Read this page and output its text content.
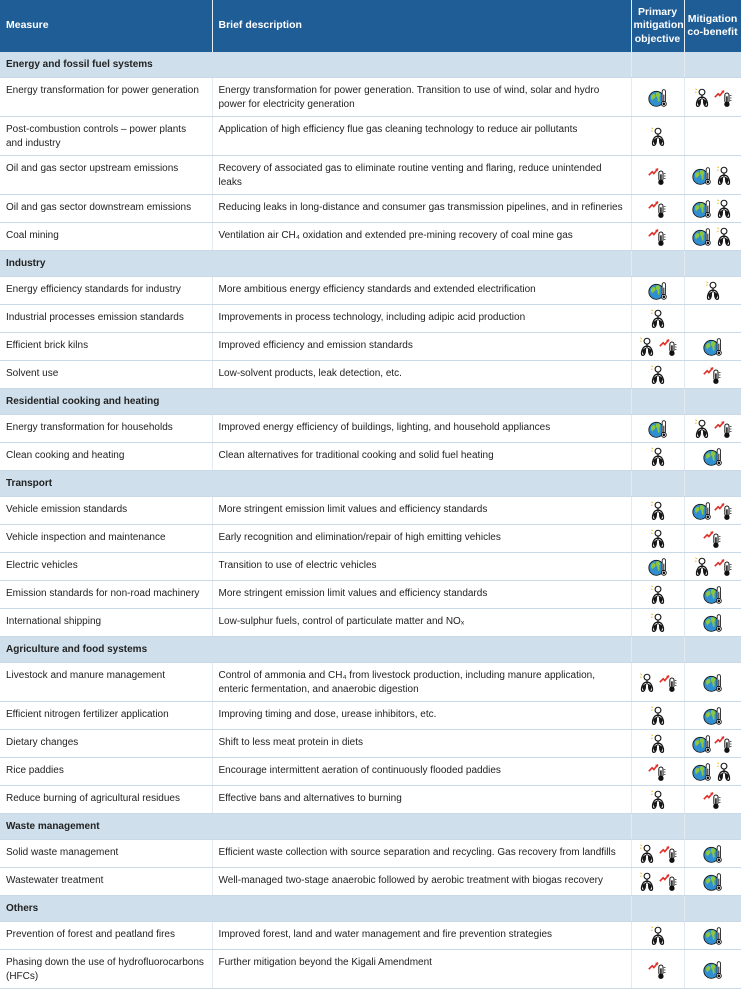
Measure	Brief description	Primary mitigation objective	Mitigation co-benefit
Energy and fossil fuel systems			
Energy transformation for power generation	Energy transformation for power generation. Transition to use of wind, solar and hydro power for electricity generation	

Post-combustion controls – power plants and industry	Application of high efficiency flue gas cleaning technology to reduce air pollutants	

Oil and gas sector upstream emissions	Recovery of associated gas to eliminate routine venting and flaring, reduce unintended leaks	

Oil and gas sector downstream emissions	Reducing leaks in long-distance and consumer gas transmission pipelines, and in refineries	

Coal mining	Ventilation air CH₄ oxidation and extended pre-mining recovery of coal mine gas	

Industry			
Energy efficiency standards for industry	More ambitious energy efficiency standards and extended electrification	

Industrial processes emission standards	Improvements in process technology, including adipic acid production	

Efficient brick kilns	Improved efficiency and emission standards	

Solvent use	Low-solvent products, leak detection, etc.	

Residential cooking and heating			
Energy transformation for households	Improved energy efficiency of buildings, lighting, and household appliances	

Clean cooking and heating	Clean alternatives for traditional cooking and solid fuel heating	

Transport			
Vehicle emission standards	More stringent emission limit values and efficiency standards	

Vehicle inspection and maintenance	Early recognition and elimination/repair of high emitting vehicles	

Electric vehicles	Transition to use of electric vehicles	

Emission standards for non-road machinery	More stringent emission limit values and efficiency standards	

International shipping	Low-sulphur fuels, control of particulate matter and NOₓ	

Agriculture and food systems			
Livestock and manure management	Control of ammonia and CH₄ from livestock production, including manure application, enteric fermentation, and anaerobic digestion	

Efficient nitrogen fertilizer application	Improving timing and dose, urease inhibitors, etc.	

Dietary changes	Shift to less meat protein in diets	

Rice paddies	Encourage intermittent aeration of continuously flooded paddies	

Reduce burning of agricultural residues	Effective bans and alternatives to burning	

Waste management			
Solid waste management	Efficient waste collection with source separation and recycling. Gas recovery from landfills	

Wastewater treatment	Well-managed two-stage anaerobic followed by aerobic treatment with biogas recovery	

Others			
Prevention of forest and peatland fires	Improved forest, land and water management and fire prevention strategies	

Phasing down the use of hydrofluorocarbons (HFCs)	Further mitigation beyond the Kigali Amendment	
